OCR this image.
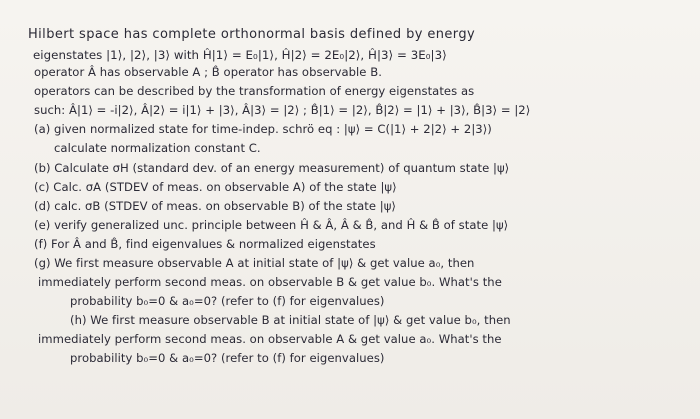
Hilbert space has complete orthonormal basis defined by energy
eigenstates |1⟩, |2⟩, |3⟩ with Ĥ|1⟩ = E₀|1⟩, Ĥ|2⟩ = 2E₀|2⟩, Ĥ|3⟩ = 3E₀|3⟩
operator Â has observable A ; B̂ operator has observable B.
operators can be described by the transformation of energy eigenstates as
such: Â|1⟩ = -i|2⟩, Â|2⟩ = i|1⟩ + |3⟩, Â|3⟩ = |2⟩ ; B̂|1⟩ = |2⟩, B̂|2⟩ = |1⟩ + |3⟩, B̂|3⟩ = |2⟩
(a) given normalized state for time-indep. schrö eq : |ψ⟩ = C(|1⟩ + 2|2⟩ + 2|3⟩)
calculate normalization constant C.
(b) Calculate σH (standard dev. of an energy measurement) of quantum state |ψ⟩
(c) Calc. σA (STDEV of meas. on observable A) of the state |ψ⟩
(d) calc. σB (STDEV of meas. on observable B) of the state |ψ⟩
(e) verify generalized unc. principle between Ĥ & Â, Â & B̂, and Ĥ & B̂ of state |ψ⟩
(f) For Â and B̂, find eigenvalues & normalized eigenstates
(g) We first measure observable A at initial state of |ψ⟩ & get value a₀, then
immediately perform second meas. on observable B & get value b₀. What's the
probability b₀=0 & a₀=0? (refer to (f) for eigenvalues)
(h) We first measure observable B at initial state of |ψ⟩ & get value b₀, then
immediately perform second meas. on observable A & get value a₀. What's the
probability b₀=0 & a₀=0? (refer to (f) for eigenvalues)
